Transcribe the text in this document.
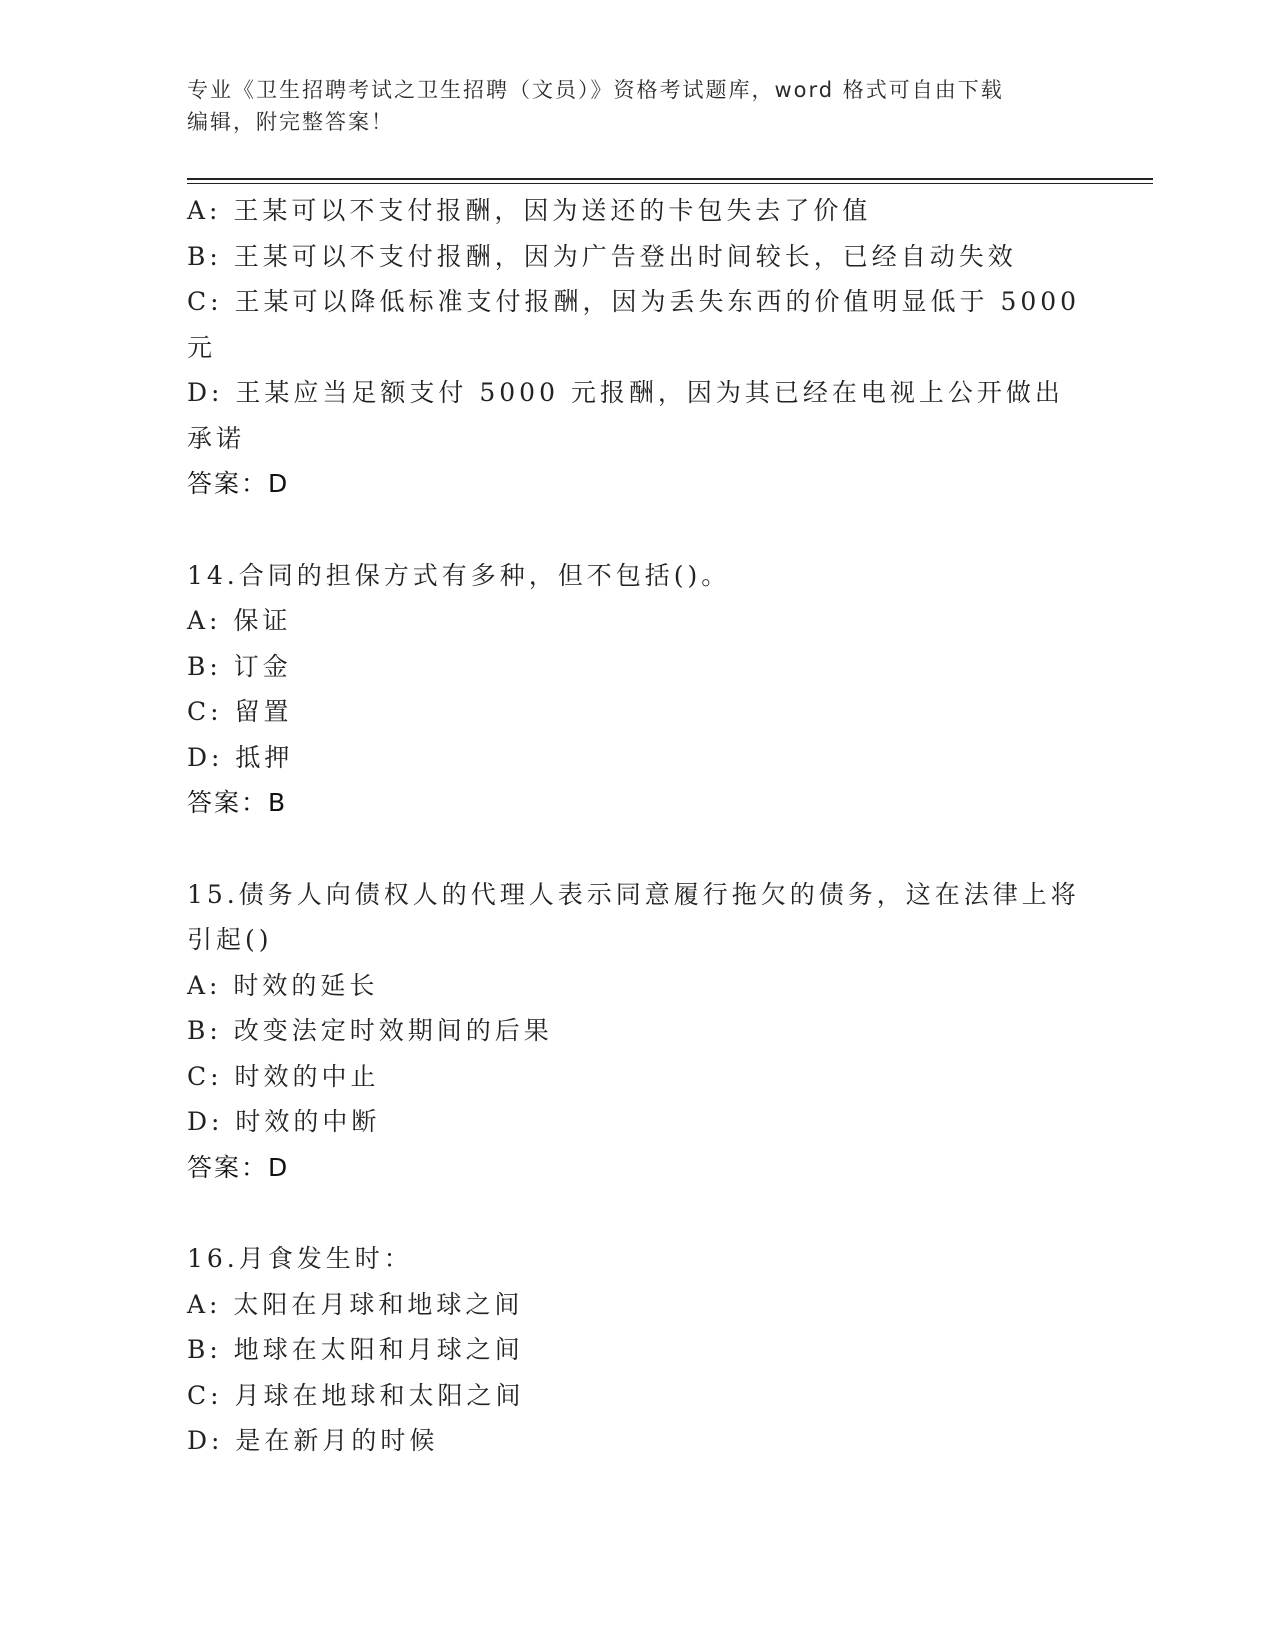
专业《卫生招聘考试之卫生招聘（文员）》资格考试题库，word 格式可自由下载
编辑，附完整答案！

A: 王某可以不支付报酬，因为送还的卡包失去了价值

B: 王某可以不支付报酬，因为广告登出时间较长，已经自动失效

C: 王某可以降低标准支付报酬，因为丢失东西的价值明显低于 5000 元

D: 王某应当足额支付 5000 元报酬，因为其已经在电视上公开做出承诺

答案：D

14.合同的担保方式有多种，但不包括()。

A: 保证

B: 订金

C: 留置

D: 抵押

答案：B

15.债务人向债权人的代理人表示同意履行拖欠的债务，这在法律上将引起()

A: 时效的延长

B: 改变法定时效期间的后果

C: 时效的中止

D: 时效的中断

答案：D

16.月食发生时：

A: 太阳在月球和地球之间

B: 地球在太阳和月球之间

C: 月球在地球和太阳之间

D: 是在新月的时候
